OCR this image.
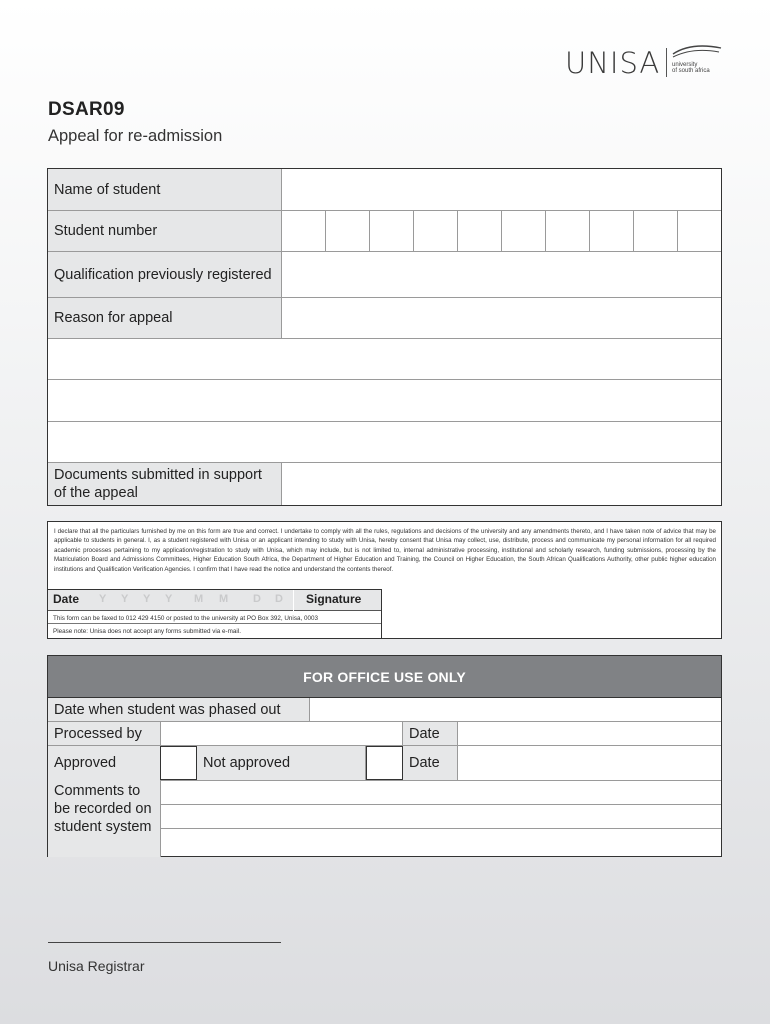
UNISA university
of south africa
DSAR09
Appeal for re-admission
Name of student
Student number
Qualification previously registered
Reason for appeal
Documents submitted in support of the appeal
I declare that all the particulars furnished by me on this form are true and correct. I undertake to comply with all the rules, regulations and decisions of the university and any amendments thereto, and I have taken note of advice that may be applicable to students in general. I, as a student registered with Unisa or an applicant intending to study with Unisa, hereby consent that Unisa may collect, use, distribute, process and communicate my personal information for all required academic processes pertaining to my application/registration to study with Unisa, which may include, but is not limited to, internal administrative processing, institutional and scholarly research, funding submissions, processing by the Matriculation Board and Admissions Committees, Higher Education South Africa, the Department of Higher Education and Training, the Council on Higher Education, the South African Qualifications Authority, other public higher education institutions and Qualification Verification Agencies. I confirm that I have read the notice and understand the contents thereof.
Date Y Y Y Y M M D D Signature
This form can be faxed to 012 429 4150 or posted to the university at PO Box 392, Unisa, 0003
Please note: Unisa does not accept any forms submitted via e-mail.
FOR OFFICE USE ONLY
Date when student was phased out
Processed by	Date
Approved	Not approved	Date
Comments to be recorded on student system
Unisa Registrar
